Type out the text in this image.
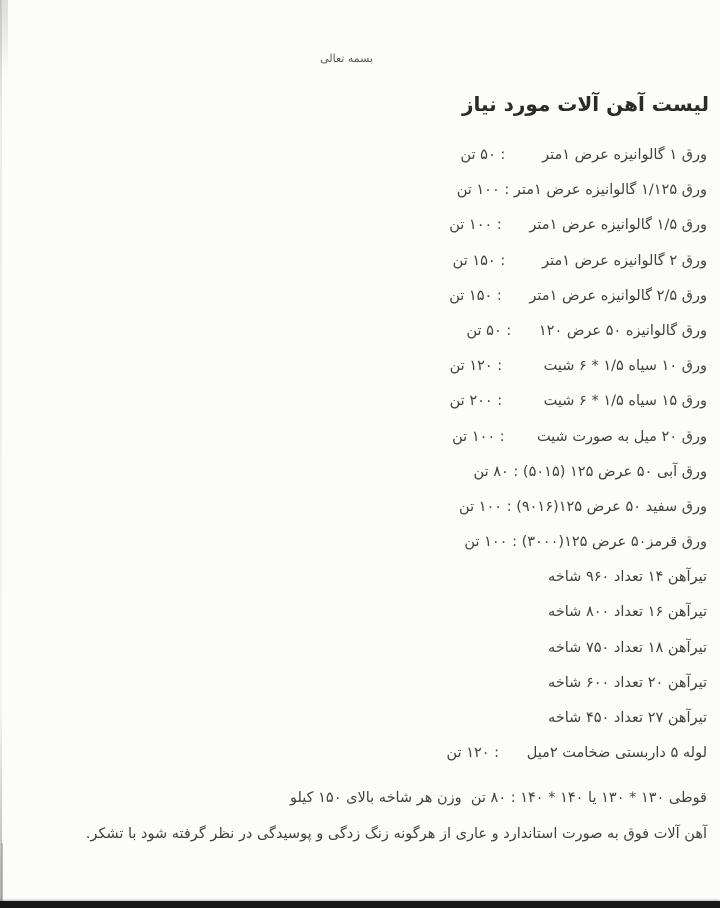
بسمه تعالی
لیست آهن آلات مورد نیاز
ورق ۱ گالوانیزه عرض ۱متر        : ۵۰ تن
ورق ۱/۱۲۵ گالوانیزه عرض ۱متر : ۱۰۰ تن
ورق ۱/۵ گالوانیزه عرض ۱متر      : ۱۰۰ تن
ورق ۲ گالوانیزه عرض ۱متر        : ۱۵۰ تن
ورق ۲/۵ گالوانیزه عرض ۱متر      : ۱۵۰ تن
ورق گالوانیزه ۵۰ عرض ۱۲۰      : ۵۰ تن
ورق ۱۰ سیاه ۱/۵ * ۶ شیت         : ۱۲۰ تن
ورق ۱۵ سیاه ۱/۵ * ۶ شیت         : ۲۰۰ تن
ورق ۲۰ میل به صورت شیت       : ۱۰۰ تن
ورق آبی ۵۰ عرض ۱۲۵ (۵۰۱۵) : ۸۰ تن
ورق سفید ۵۰ عرض ۱۲۵(۹۰۱۶) : ۱۰۰ تن
ورق قرمز۵۰ عرض ۱۲۵(۳۰۰۰) : ۱۰۰ تن
تیرآهن ۱۴ تعداد ۹۶۰ شاخه
تیرآهن ۱۶ تعداد ۸۰۰ شاخه
تیرآهن ۱۸ تعداد ۷۵۰ شاخه
تیرآهن ۲۰ تعداد ۶۰۰ شاخه
تیرآهن ۲۷ تعداد ۴۵۰ شاخه
لوله ۵ داربستی ضخامت ۲میل      : ۱۲۰ تن
قوطی ۱۳۰ * ۱۳۰ یا ۱۴۰ * ۱۴۰ : ۸۰ تن  وزن هر شاخه بالای ۱۵۰ کیلو
آهن آلات فوق به صورت استاندارد و عاری از هرگونه زنگ زدگی و پوسیدگی در نظر گرفته شود با تشکر.
